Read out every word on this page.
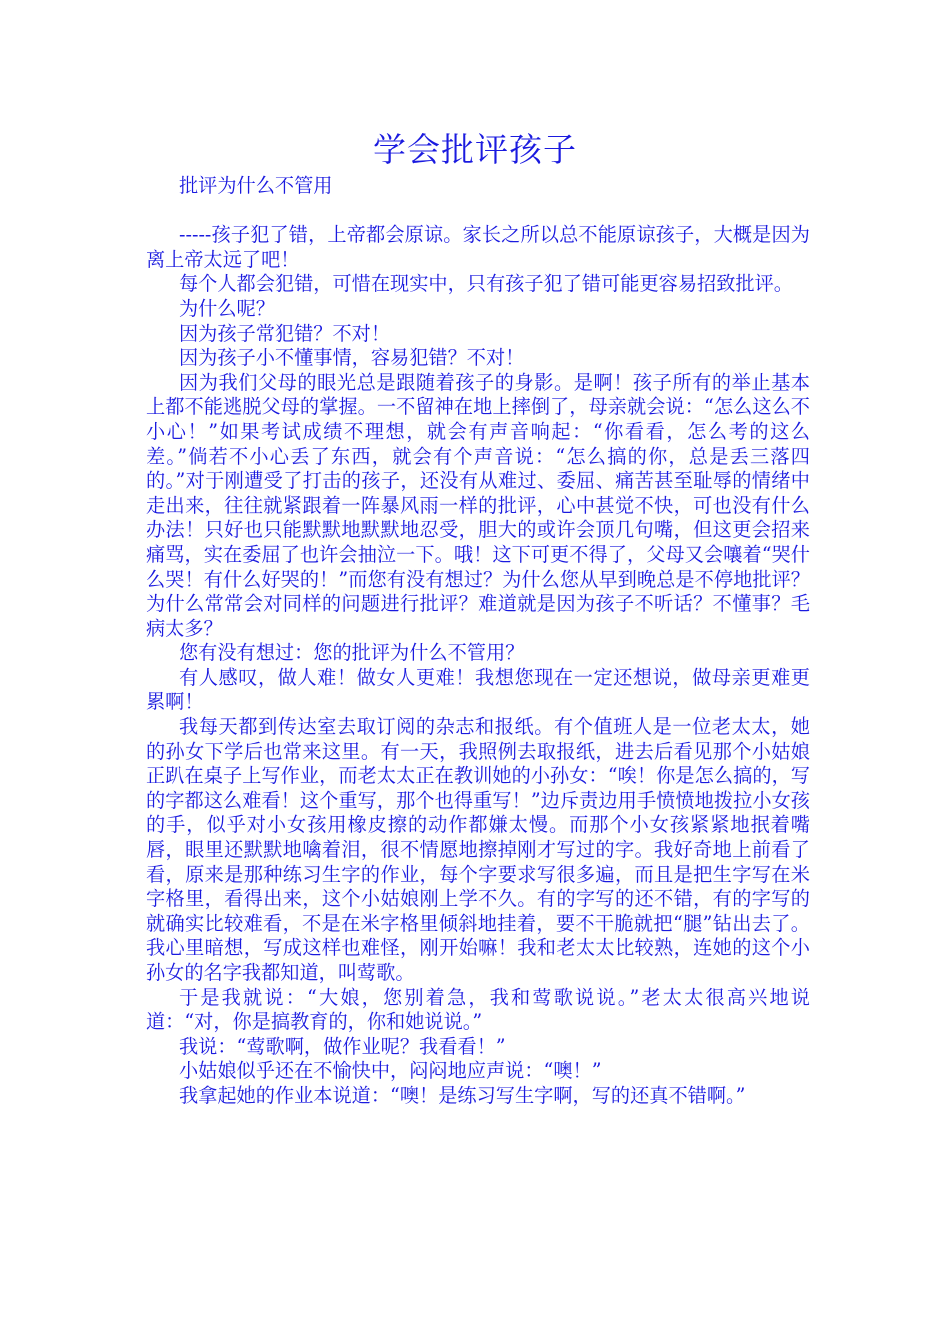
学会批评孩子

批评为什么不管用

-----孩子犯了错，上帝都会原谅。家长之所以总不能原谅孩子，大概是因为离上帝太远了吧！

每个人都会犯错，可惜在现实中，只有孩子犯了错可能更容易招致批评。

为什么呢？

因为孩子常犯错？不对！

因为孩子小不懂事情，容易犯错？不对！

因为我们父母的眼光总是跟随着孩子的身影。是啊！孩子所有的举止基本上都不能逃脱父母的掌握。一不留神在地上摔倒了，母亲就会说：“怎么这么不小心！”如果考试成绩不理想，就会有声音响起：“你看看，怎么考的这么差。”倘若不小心丢了东西，就会有个声音说：“怎么搞的你，总是丢三落四的。”对于刚遭受了打击的孩子，还没有从难过、委屈、痛苦甚至耻辱的情绪中走出来，往往就紧跟着一阵暴风雨一样的批评，心中甚觉不快，可也没有什么办法！只好也只能默默地默默地忍受，胆大的或许会顶几句嘴，但这更会招来痛骂，实在委屈了也许会抽泣一下。哦！这下可更不得了，父母又会嚷着“哭什么哭！有什么好哭的！”而您有没有想过？为什么您从早到晚总是不停地批评？为什么常常会对同样的问题进行批评？难道就是因为孩子不听话？不懂事？毛病太多？

您有没有想过：您的批评为什么不管用？

有人感叹，做人难！做女人更难！我想您现在一定还想说，做母亲更难更累啊！

我每天都到传达室去取订阅的杂志和报纸。有个值班人是一位老太太，她的孙女下学后也常来这里。有一天，我照例去取报纸，进去后看见那个小姑娘正趴在桌子上写作业，而老太太正在教训她的小孙女：“唉！你是怎么搞的，写的字都这么难看！这个重写，那个也得重写！”边斥责边用手愤愤地拨拉小女孩的手，似乎对小女孩用橡皮擦的动作都嫌太慢。而那个小女孩紧紧地抿着嘴唇，眼里还默默地噙着泪，很不情愿地擦掉刚才写过的字。我好奇地上前看了看，原来是那种练习生字的作业，每个字要求写很多遍，而且是把生字写在米字格里，看得出来，这个小姑娘刚上学不久。有的字写的还不错，有的字写的就确实比较难看，不是在米字格里倾斜地挂着，要不干脆就把“腿”钻出去了。我心里暗想，写成这样也难怪，刚开始嘛！我和老太太比较熟，连她的这个小孙女的名字我都知道，叫莺歌。

于是我就说：“大娘，您别着急，我和莺歌说说。”老太太很高兴地说道：“对，你是搞教育的，你和她说说。”

我说：“莺歌啊，做作业呢？我看看！”

小姑娘似乎还在不愉快中，闷闷地应声说：“噢！”

我拿起她的作业本说道：“噢！是练习写生字啊，写的还真不错啊。”
